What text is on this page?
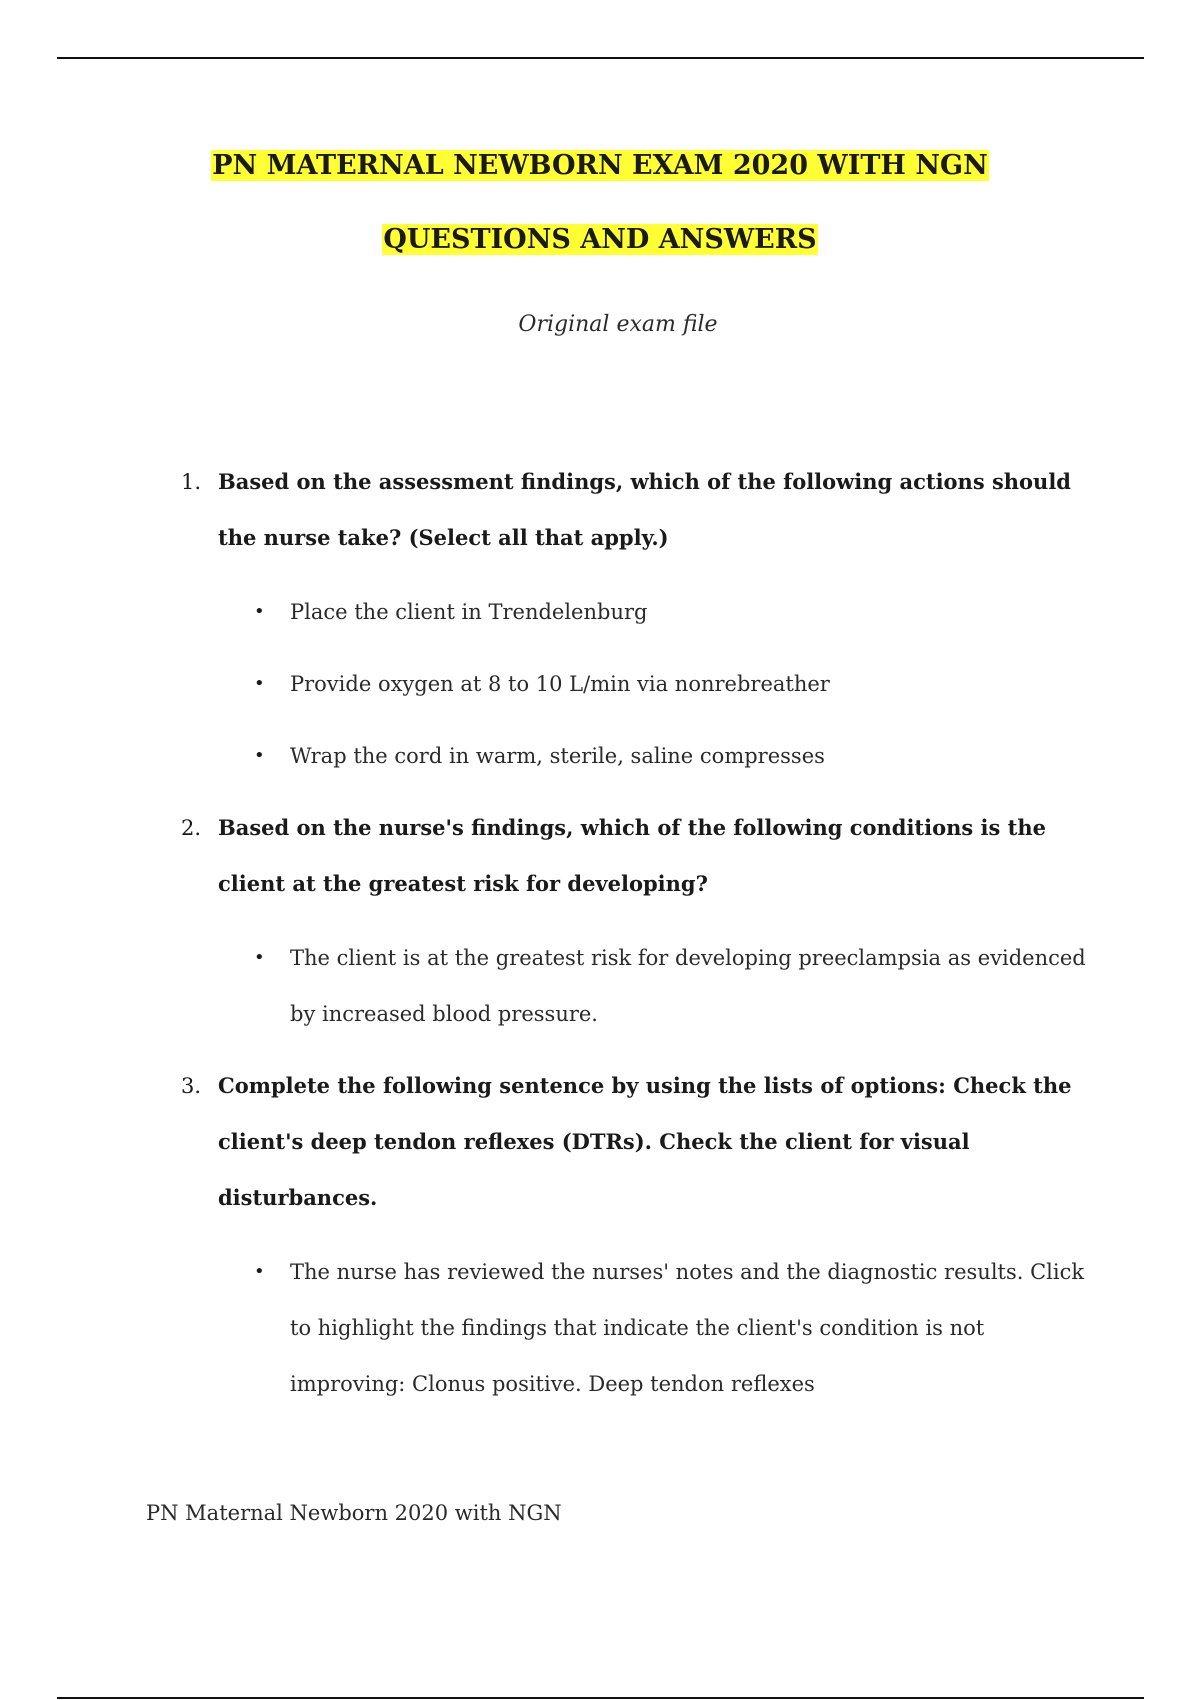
PN MATERNAL NEWBORN EXAM 2020 WITH NGN
QUESTIONS AND ANSWERS
Original exam file
1. Based on the assessment findings, which of the following actions should the nurse take? (Select all that apply.)
• Place the client in Trendelenburg
• Provide oxygen at 8 to 10 L/min via nonrebreather
• Wrap the cord in warm, sterile, saline compresses
2. Based on the nurse's findings, which of the following conditions is the client at the greatest risk for developing?
• The client is at the greatest risk for developing preeclampsia as evidenced by increased blood pressure.
3. Complete the following sentence by using the lists of options: Check the client's deep tendon reflexes (DTRs). Check the client for visual disturbances.
• The nurse has reviewed the nurses' notes and the diagnostic results. Click to highlight the findings that indicate the client's condition is not improving: Clonus positive. Deep tendon reflexes
PN Maternal Newborn 2020 with NGN
